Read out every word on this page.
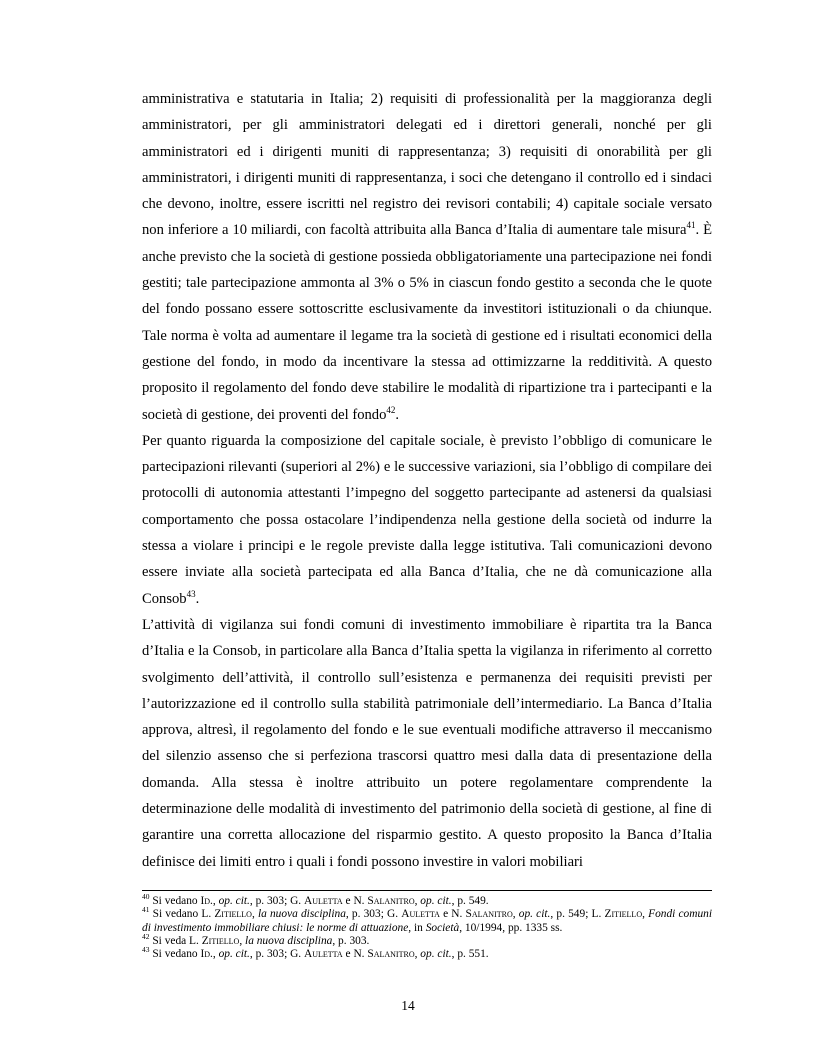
amministrativa e statutaria in Italia; 2) requisiti di professionalità per la maggioranza degli amministratori, per gli amministratori delegati ed i direttori generali, nonché per gli amministratori ed i dirigenti muniti di rappresentanza; 3) requisiti di onorabilità per gli amministratori, i dirigenti muniti di rappresentanza, i soci che detengano il controllo ed i sindaci che devono, inoltre, essere iscritti nel registro dei revisori contabili; 4) capitale sociale versato non inferiore a 10 miliardi, con facoltà attribuita alla Banca d’Italia di aumentare tale misura$^{41}$. È anche previsto che la società di gestione possieda obbligatoriamente una partecipazione nei fondi gestiti; tale partecipazione ammonta al 3% o 5% in ciascun fondo gestito a seconda che le quote del fondo possano essere sottoscritte esclusivamente da investitori istituzionali o da chiunque. Tale norma è volta ad aumentare il legame tra la società di gestione ed i risultati economici della gestione del fondo, in modo da incentivare la stessa ad ottimizzarne la redditività. A questo proposito il regolamento del fondo deve stabilire le modalità di ripartizione tra i partecipanti e la società di gestione, dei proventi del fondo$^{42}$.

Per quanto riguarda la composizione del capitale sociale, è previsto l’obbligo di comunicare le partecipazioni rilevanti (superiori al 2%) e le successive variazioni, sia l’obbligo di compilare dei protocolli di autonomia attestanti l’impegno del soggetto partecipante ad astenersi da qualsiasi comportamento che possa ostacolare l’indipendenza nella gestione della società od indurre la stessa a violare i principi e le regole previste dalla legge istitutiva. Tali comunicazioni devono essere inviate alla società partecipata ed alla Banca d’Italia, che ne dà comunicazione alla Consob$^{43}$.

L’attività di vigilanza sui fondi comuni di investimento immobiliare è ripartita tra la Banca d’Italia e la Consob, in particolare alla Banca d’Italia spetta la vigilanza in riferimento al corretto svolgimento dell’attività, il controllo sull’esistenza e permanenza dei requisiti previsti per l’autorizzazione ed il controllo sulla stabilità patrimoniale dell’intermediario. La Banca d’Italia approva, altresì, il regolamento del fondo e le sue eventuali modifiche attraverso il meccanismo del silenzio assenso che si perfeziona trascorsi quattro mesi dalla data di presentazione della domanda. Alla stessa è inoltre attribuito un potere regolamentare comprendente la determinazione delle modalità di investimento del patrimonio della società di gestione, al fine di garantire una corretta allocazione del risparmio gestito. A questo proposito la Banca d’Italia definisce dei limiti entro i quali i fondi possono investire in valori mobiliari

$^{40}$ Si vedano Id., op. cit., p. 303; G. Auletta e N. Salanitro, op. cit., p. 549.

$^{41}$ Si vedano L. Zitiello, la nuova disciplina, p. 303; G. Auletta e N. Salanitro, op. cit., p. 549; L. Zitiello, Fondi comuni di investimento immobiliare chiusi: le norme di attuazione, in Società, 10/1994, pp. 1335 ss.

$^{42}$ Si veda L. Zitiello, la nuova disciplina, p. 303.

$^{43}$ Si vedano Id., op. cit., p. 303; G. Auletta e N. Salanitro, op. cit., p. 551.

14
